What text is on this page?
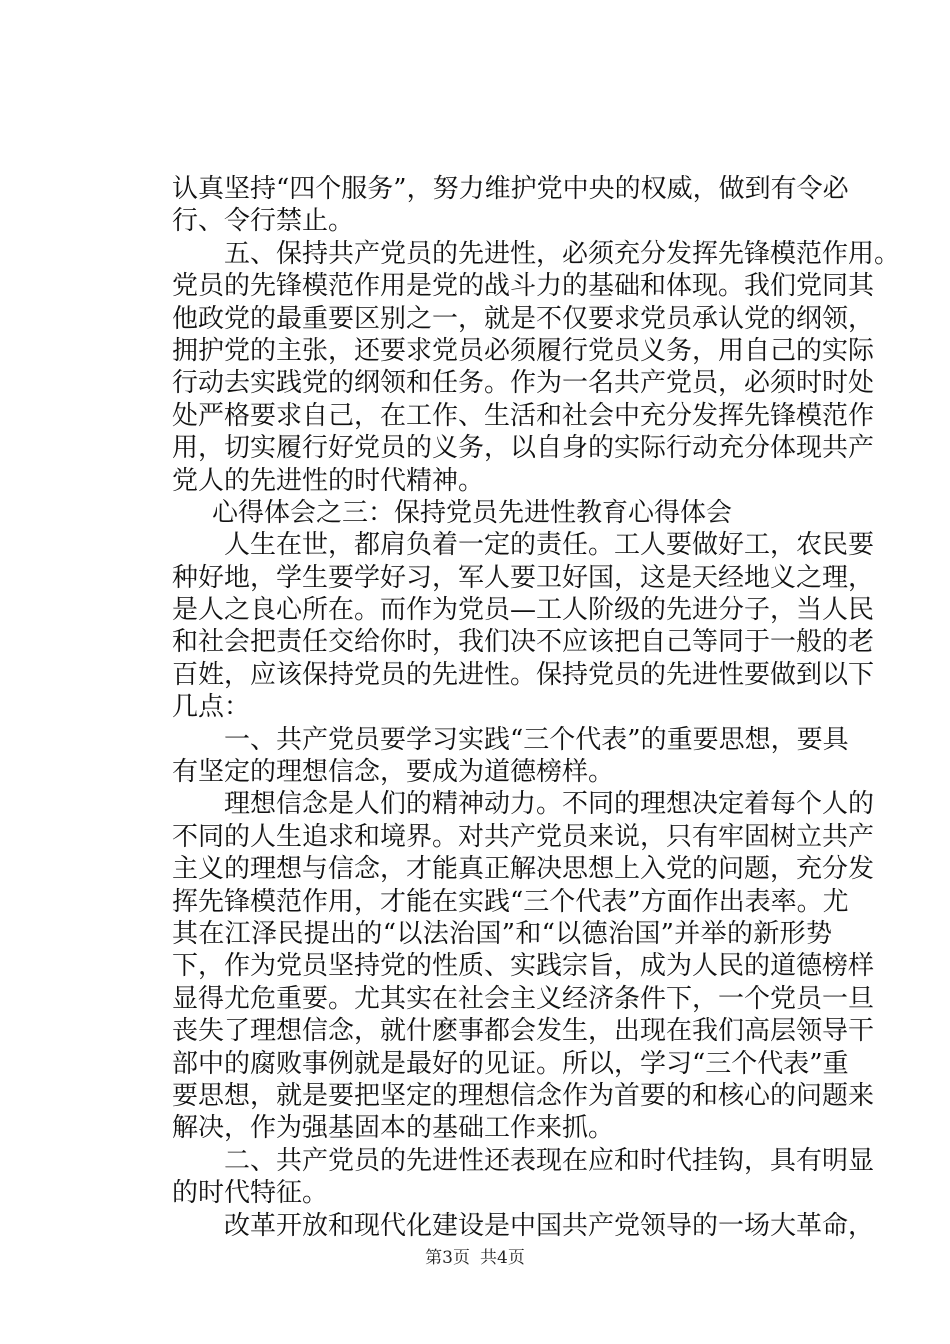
认真坚持“四个服务”，努力维护党中央的权威，做到有令必
行、令行禁止。
五、保持共产党员的先进性，必须充分发挥先锋模范作用。
党员的先锋模范作用是党的战斗力的基础和体现。我们党同其
他政党的最重要区别之一，就是不仅要求党员承认党的纲领，
拥护党的主张，还要求党员必须履行党员义务，用自己的实际
行动去实践党的纲领和任务。作为一名共产党员，必须时时处
处严格要求自己，在工作、生活和社会中充分发挥先锋模范作
用，切实履行好党员的义务，以自身的实际行动充分体现共产
党人的先进性的时代精神。
心得体会之三：保持党员先进性教育心得体会
人生在世，都肩负着一定的责任。工人要做好工，农民要
种好地，学生要学好习，军人要卫好国，这是天经地义之理，
是人之良心所在。而作为党员—工人阶级的先进分子，当人民
和社会把责任交给你时，我们决不应该把自己等同于一般的老
百姓，应该保持党员的先进性。保持党员的先进性要做到以下
几点：
一、共产党员要学习实践“三个代表”的重要思想，要具
有坚定的理想信念，要成为道德榜样。
理想信念是人们的精神动力。不同的理想决定着每个人的
不同的人生追求和境界。对共产党员来说，只有牢固树立共产
主义的理想与信念，才能真正解决思想上入党的问题，充分发
挥先锋模范作用，才能在实践“三个代表”方面作出表率。尤
其在江泽民提出的“以法治国”和“以德治国”并举的新形势
下，作为党员坚持党的性质、实践宗旨，成为人民的道德榜样
显得尤危重要。尤其实在社会主义经济条件下，一个党员一旦
丧失了理想信念，就什麽事都会发生，出现在我们高层领导干
部中的腐败事例就是最好的见证。所以，学习“三个代表”重
要思想，就是要把坚定的理想信念作为首要的和核心的问题来
解决，作为强基固本的基础工作来抓。
二、共产党员的先进性还表现在应和时代挂钩，具有明显
的时代特征。
改革开放和现代化建设是中国共产党领导的一场大革命，
第3页 共4页
